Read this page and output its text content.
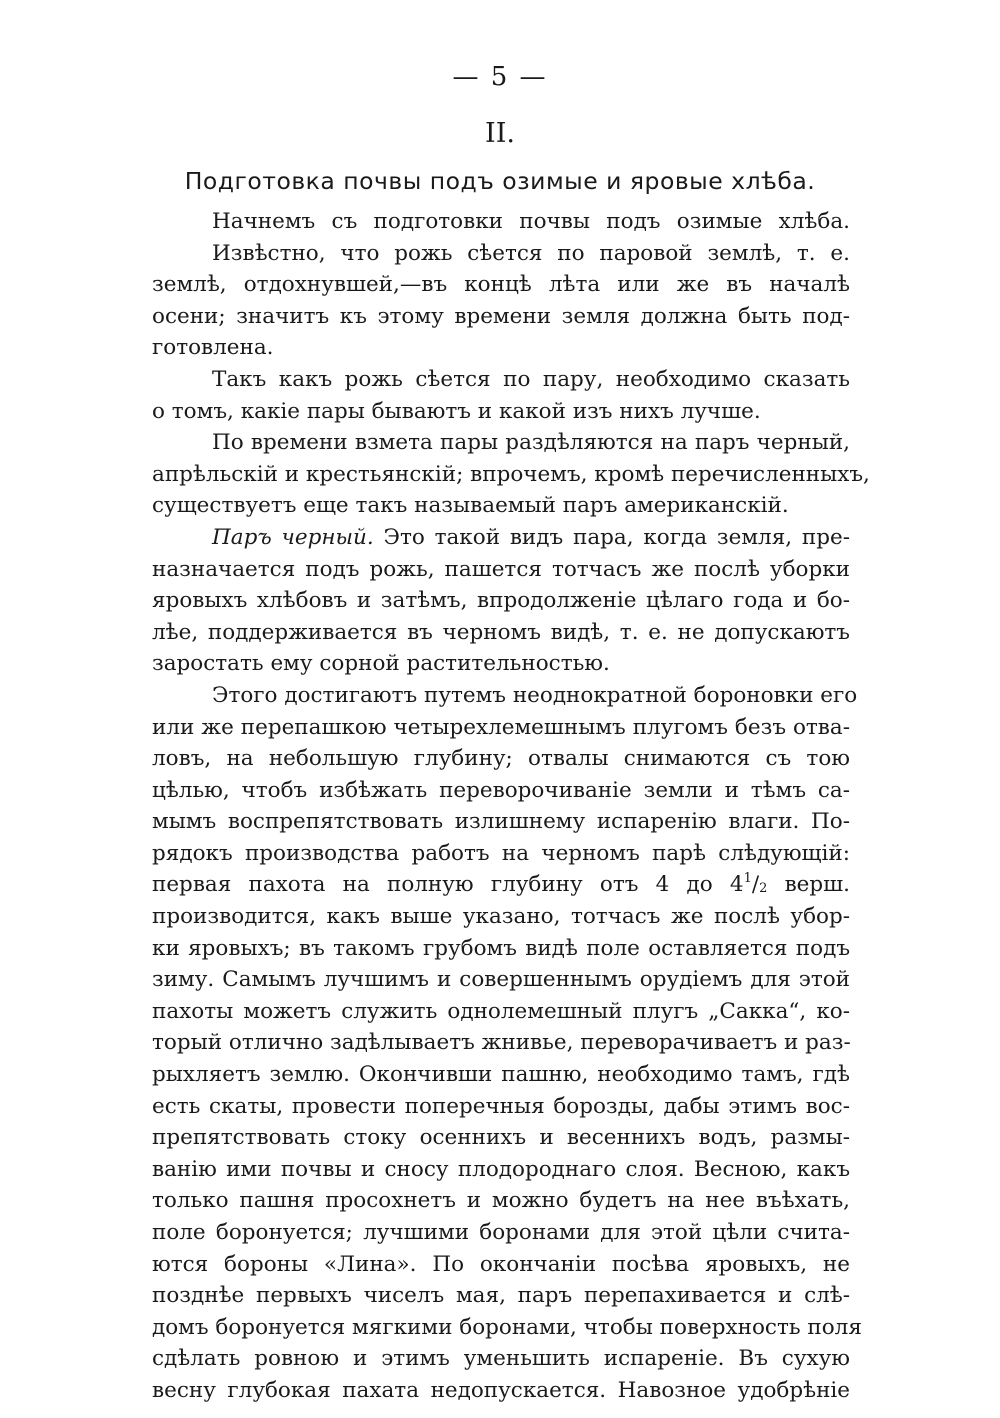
— 5 —
II.
Подготовка почвы подъ озимые и яровые хлѣба.
Начнемъ съ подготовки почвы подъ озимые хлѣба.
Извѣстно, что рожь сѣется по паровой землѣ, т. е.
землѣ, отдохнувшей,—въ концѣ лѣта или же въ началѣ
осени; значитъ къ этому времени земля должна быть под-
готовлена.
Такъ какъ рожь сѣется по пару, необходимо сказать
о томъ, какіе пары бываютъ и какой изъ нихъ лучше.
По времени взмета пары раздѣляются на паръ черный,
апрѣльскій и крестьянскій; впрочемъ, кромѣ перечисленныхъ,
существуетъ еще такъ называемый паръ американскій.
Паръ черный. Это такой видъ пара, когда земля, пре-
назначается подъ рожь, пашется тотчасъ же послѣ уборки
яровыхъ хлѣбовъ и затѣмъ, впродолженіе цѣлаго года и бо-
лѣе, поддерживается въ черномъ видѣ, т. е. не допускаютъ
заростать ему сорной растительностью.
Этого достигаютъ путемъ неоднократной бороновки его
или же перепашкою четырехлемешнымъ плугомъ безъ отва-
ловъ, на небольшую глубину; отвалы снимаются съ тою
цѣлью, чтобъ избѣжать переворочиваніе земли и тѣмъ са-
мымъ воспрепятствовать излишнему испаренію влаги. По-
рядокъ производства работъ на черномъ парѣ слѣдующій:
первая пахота на полную глубину отъ 4 до $4^1/_2$ верш.
производится, какъ выше указано, тотчасъ же послѣ убор-
ки яровыхъ; въ такомъ грубомъ видѣ поле оставляется подъ
зиму. Самымъ лучшимъ и совершеннымъ орудіемъ для этой
пахоты можетъ служить однолемешный плугъ „Сакка“, ко-
торый отлично задѣлываетъ жнивье, переворачиваетъ и раз-
рыхляетъ землю. Окончивши пашню, необходимо тамъ, гдѣ
есть скаты, провести поперечныя борозды, дабы этимъ вос-
препятствовать стоку осеннихъ и весеннихъ водъ, размы-
ванію ими почвы и сносу плодороднаго слоя. Весною, какъ
только пашня просохнетъ и можно будетъ на нее въѣхать,
поле боронуется; лучшими боронами для этой цѣли счита-
ются бороны «Лина». По окончаніи посѣва яровыхъ, не
позднѣе первыхъ чиселъ мая, паръ перепахивается и слѣ-
домъ боронуется мягкими боронами, чтобы поверхность поля
сдѣлать ровною и этимъ уменьшить испареніе. Въ сухую
весну глубокая пахата недопускается. Навозное удобрѣніе
